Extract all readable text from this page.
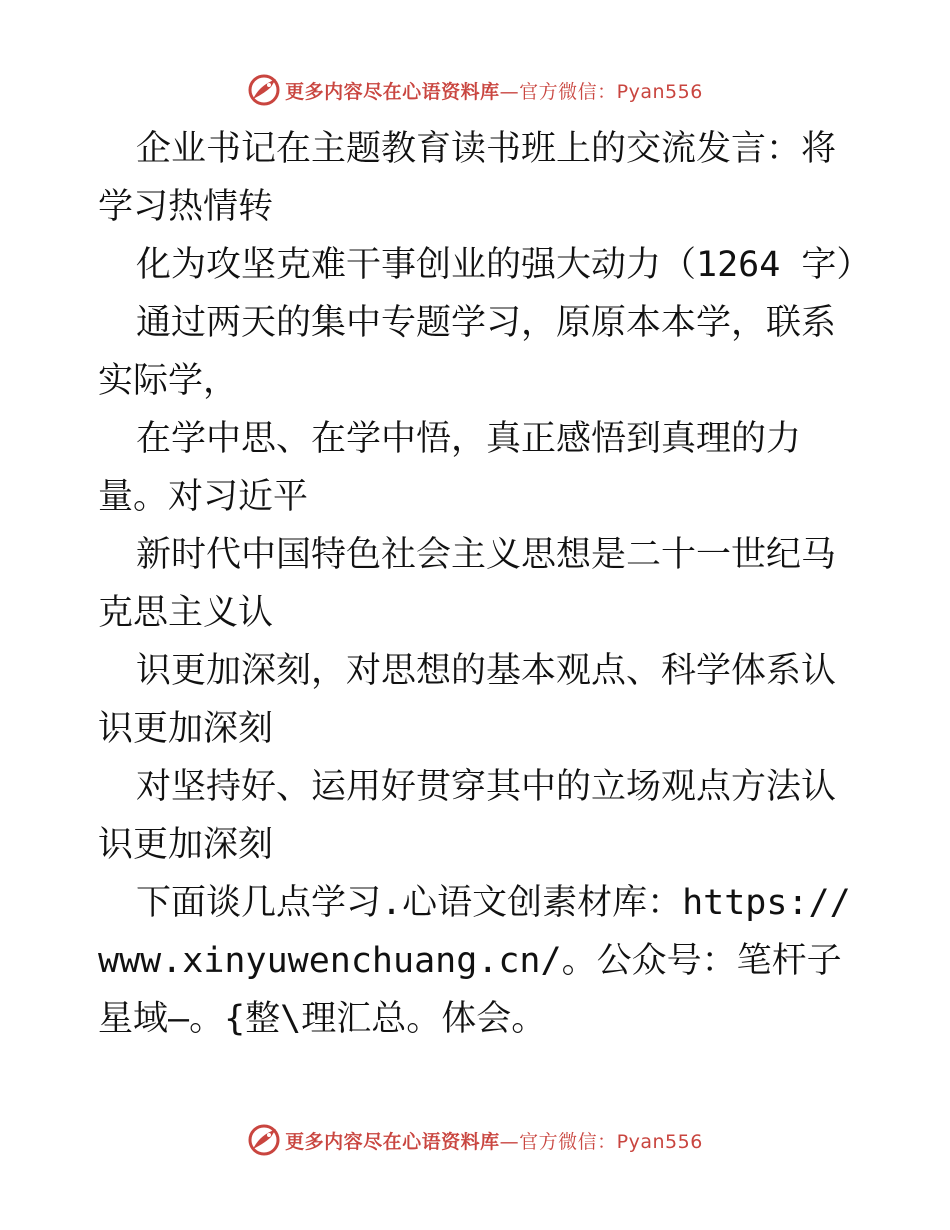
更多内容尽在心语资料库—官方微信：Pyan556

企业书记在主题教育读书班上的交流发言：将学习热情转

化为攻坚克难干事创业的强大动力（1264 字）

通过两天的集中专题学习，原原本本学，联系实际学，

在学中思、在学中悟，真正感悟到真理的力量。对习近平

新时代中国特色社会主义思想是二十一世纪马克思主义认

识更加深刻，对思想的基本观点、科学体系认识更加深刻

对坚持好、运用好贯穿其中的立场观点方法认识更加深刻

下面谈几点学习.心语文创素材库：https://www.xinyuwenchuang.cn/。公众号：笔杆子星域—。{整\理汇总。体会。

更多内容尽在心语资料库—官方微信：Pyan556
